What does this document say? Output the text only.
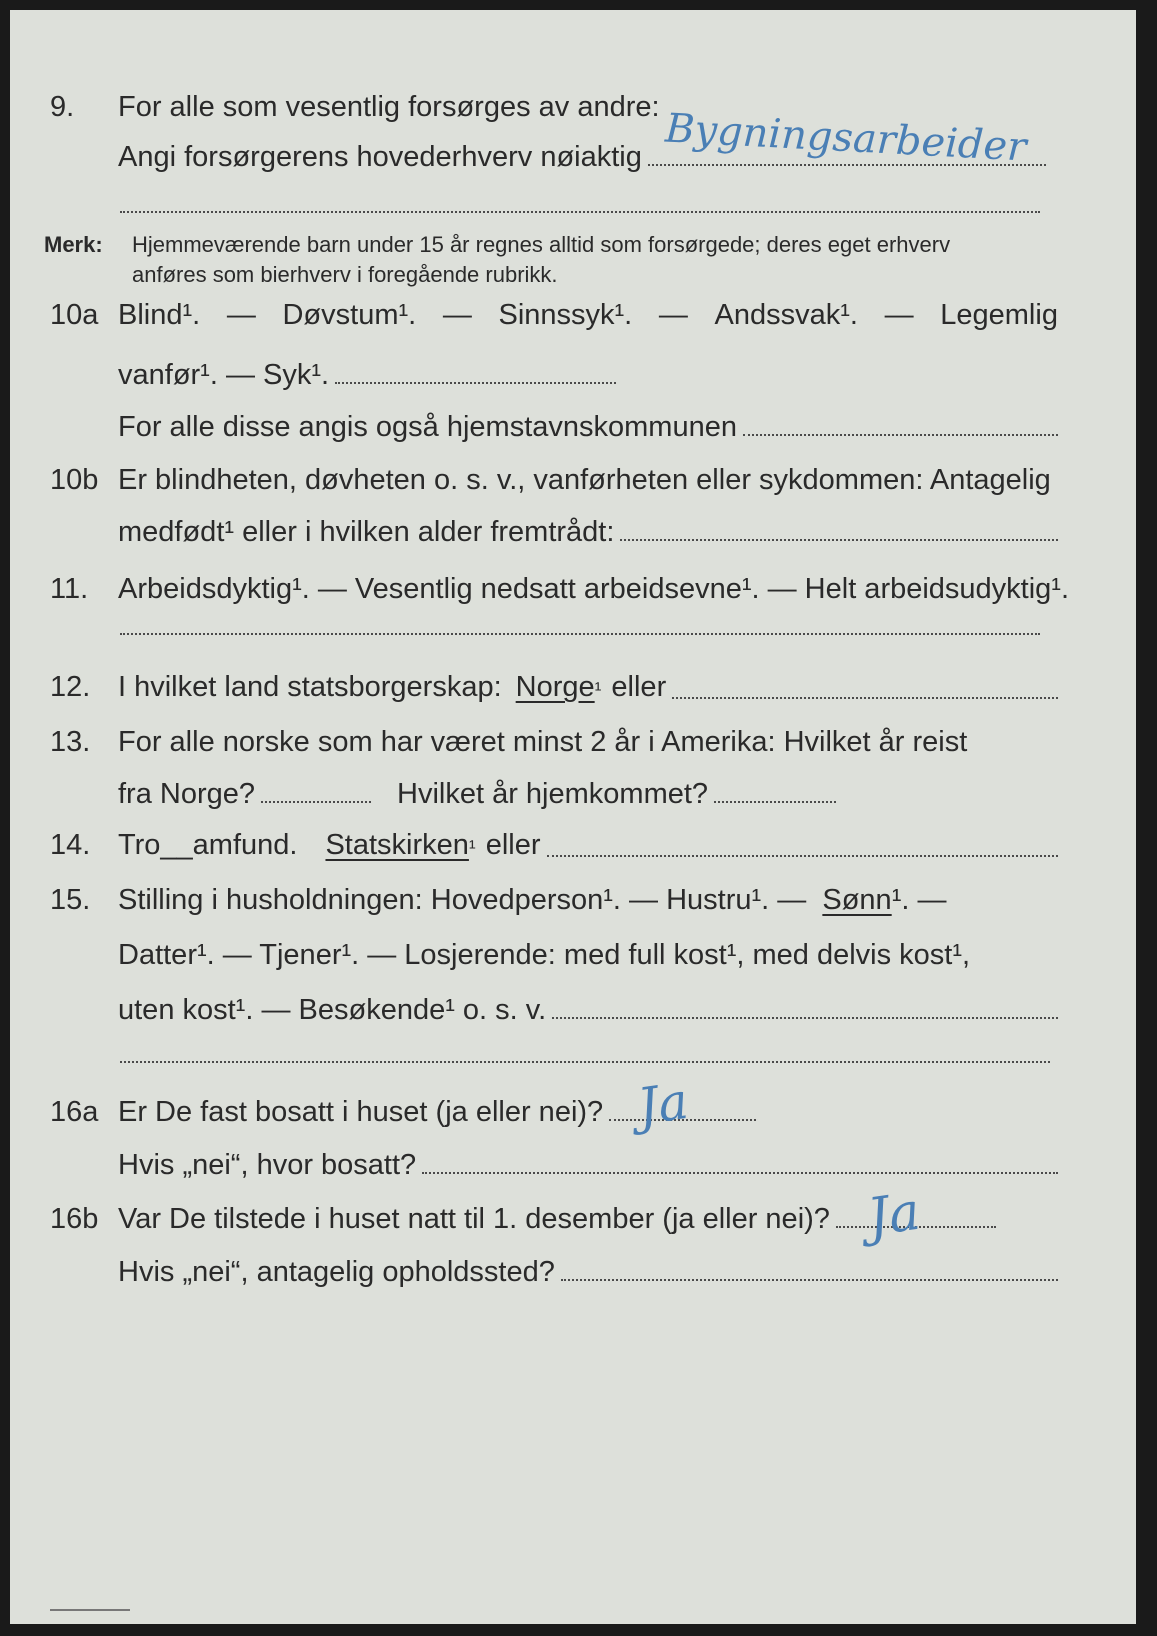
9. For alle som vesentlig forsørges av andre:
Angi forsørgerens hovederhverv nøiaktig Bygningsarbeider
Merk: Hjemmeværende barn under 15 år regnes alltid som forsørgede; deres eget erhverv
anføres som bierhverv i foregående rubrikk.
10a Blind¹. — Døvstum¹. — Sinnssyk¹. — Andssvak¹. — Legemlig
vanfør¹. — Syk¹.
For alle disse angis også hjemstavnskommunen
10b Er blindheten, døvheten o. s. v., vanførheten eller sykdommen: Antagelig
medfødt¹ eller i hvilken alder fremtrådt:
11. Arbeidsdyktig¹. — Vesentlig nedsatt arbeidsevne¹. — Helt arbeidsudyktig¹.
12. I hvilket land statsborgerskap: Norge ¹ eller
13. For alle norske som har været minst 2 år i Amerika: Hvilket år reist
fra Norge?	Hvilket år hjemkommet?
14. Tro__amfund. Statskirken ¹ eller
15. Stilling i husholdningen: Hovedperson¹. — Hustru¹. — Sønn¹. —
Datter¹. — Tjener¹. — Losjerende: med full kost¹, med delvis kost¹,
uten kost¹. — Besøkende¹ o. s. v.
16a Er De fast bosatt i huset (ja eller nei)? Ja
Hvis „nei“, hvor bosatt?
16b Var De tilstede i huset natt til 1. desember (ja eller nei)? Ja
Hvis „nei“, antagelig opholdssted?
